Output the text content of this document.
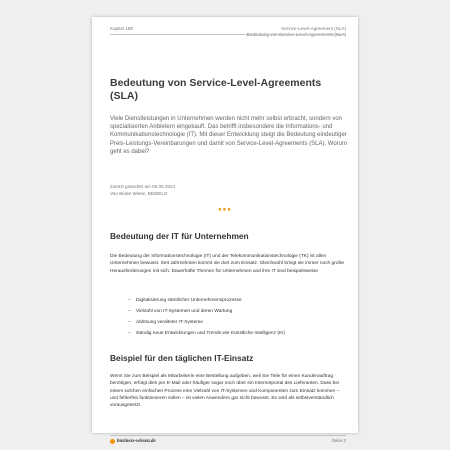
Kapitel 188	Service-Level-Agreement (SLA)
Bedeutung von Service-Level-Agreements (SLA)
Bedeutung von Service-Level-Agreements (SLA)
Viele Dienstleistungen in Unternehmen werden nicht mehr selbst erbracht, sondern von spezialisierten Anbietern eingekauft. Das betrifft insbesondere die Informations- und Kommunikationstechnologie (IT). Mit dieser Entwicklung steigt die Bedeutung eindeutiger Preis-Leistungs-Vereinbarungen und damit von Service-Level-Agreements (SLA). Worum geht es dabei?
Zuletzt geändert am 06.05.2024
Von Beate Wiese, BEWELO
●●●
Bedeutung der IT für Unternehmen
Die Bedeutung der Informationstechnologie (IT) und der Telekommunikationstechnologie (TK) ist allen Unternehmen bewusst. Seit Jahrzehnten kommt sie dort zum Einsatz. Gleichwohl bringt sie immer noch große Herausforderungen mit sich. Dauerhafte Themen für Unternehmen und ihre IT sind beispielsweise
– Digitalisierung sämtlicher Unternehmensprozesse
– Vielzahl von IT-Systemen und deren Wartung
– Ablösung veralteter IT-Systeme
– ständig neue Entwicklungen und Trends wie Künstliche Intelligenz (KI)
Beispiel für den täglichen IT-Einsatz
Wenn Sie zum Beispiel als Mitarbeiterin eine Bestellung aufgeben, weil Sie Teile für einen Kundenauftrag benötigen, erfolgt dies per E-Mail oder häufiger sogar noch über ein Internetportal des Lieferanten. Dass bei einem solchen einfachen Prozess eine Vielzahl von IT-Systemen und Komponenten zum Einsatz kommen – und fehlerfrei funktionieren sollen – ist vielen Anwendern gar nicht bewusst. Es wird als selbstverständlich vorausgesetzt.
business-wissen.de	Seite 2
